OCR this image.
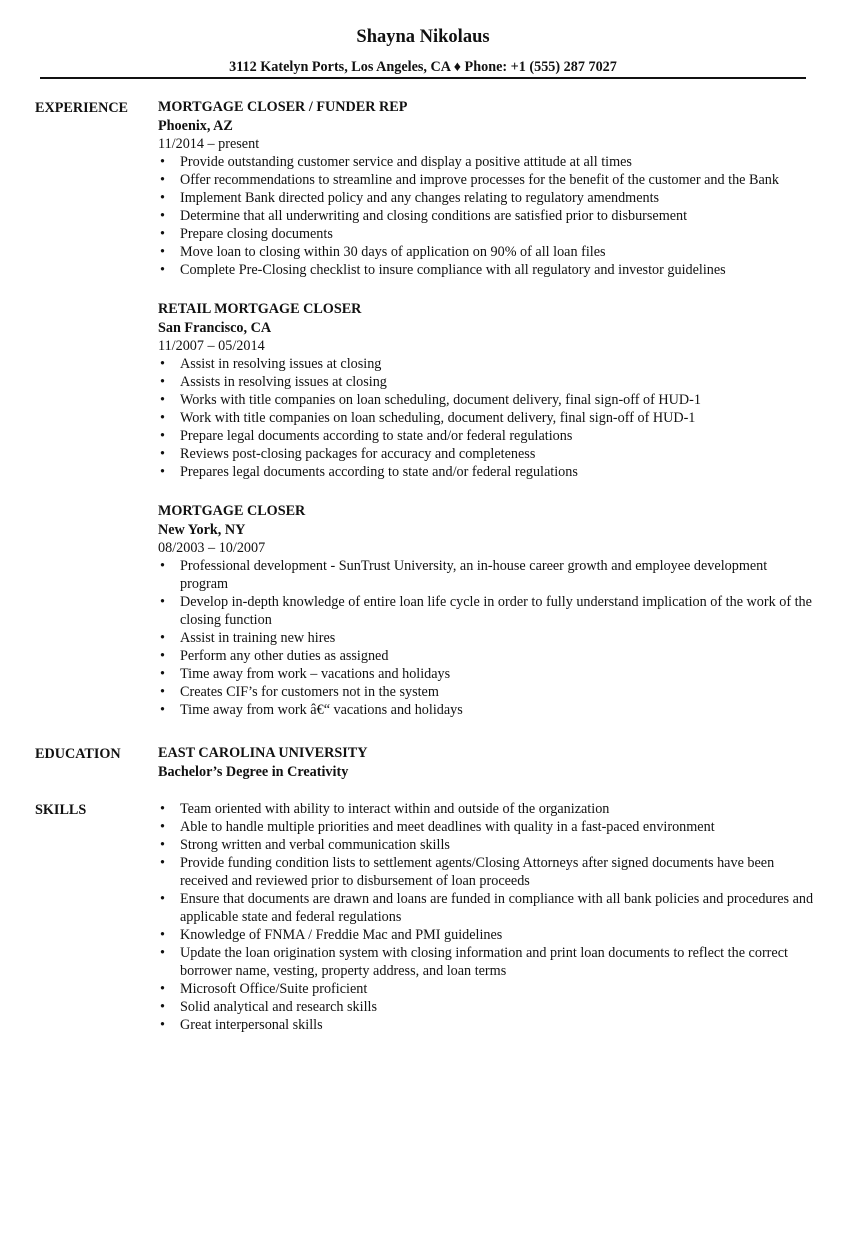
Shayna Nikolaus
3112 Katelyn Ports, Los Angeles, CA ♦ Phone: +1 (555) 287 7027
EXPERIENCE MORTGAGE CLOSER / FUNDER REP
Phoenix, AZ
11/2014 – present
• Provide outstanding customer service and display a positive attitude at all times
• Offer recommendations to streamline and improve processes for the benefit of the customer and the Bank
• Implement Bank directed policy and any changes relating to regulatory amendments
• Determine that all underwriting and closing conditions are satisfied prior to disbursement
• Prepare closing documents
• Move loan to closing within 30 days of application on 90% of all loan files
• Complete Pre-Closing checklist to insure compliance with all regulatory and investor guidelines
RETAIL MORTGAGE CLOSER
San Francisco, CA
11/2007 – 05/2014
• Assist in resolving issues at closing
• Assists in resolving issues at closing
• Works with title companies on loan scheduling, document delivery, final sign-off of HUD-1
• Work with title companies on loan scheduling, document delivery, final sign-off of HUD-1
• Prepare legal documents according to state and/or federal regulations
• Reviews post-closing packages for accuracy and completeness
• Prepares legal documents according to state and/or federal regulations
MORTGAGE CLOSER
New York, NY
08/2003 – 10/2007
• Professional development - SunTrust University, an in-house career growth and employee development program
• Develop in-depth knowledge of entire loan life cycle in order to fully understand implication of the work of the closing function
• Assist in training new hires
• Perform any other duties as assigned
• Time away from work – vacations and holidays
• Creates CIF’s for customers not in the system
• Time away from work â€“ vacations and holidays
EDUCATION	EAST CAROLINA UNIVERSITY
Bachelor’s Degree in Creativity
SKILLS
•	Team oriented with ability to interact within and outside of the organization
• Able to handle multiple priorities and meet deadlines with quality in a fast-paced environment
• Strong written and verbal communication skills
• Provide funding condition lists to settlement agents/Closing Attorneys after signed documents have been received and reviewed prior to disbursement of loan proceeds
• Ensure that documents are drawn and loans are funded in compliance with all bank policies and procedures and applicable state and federal regulations
• Knowledge of FNMA / Freddie Mac and PMI guidelines
• Update the loan origination system with closing information and print loan documents to reflect the correct borrower name, vesting, property address, and loan terms
• Microsoft Office/Suite proficient
• Solid analytical and research skills
• Great interpersonal skills
